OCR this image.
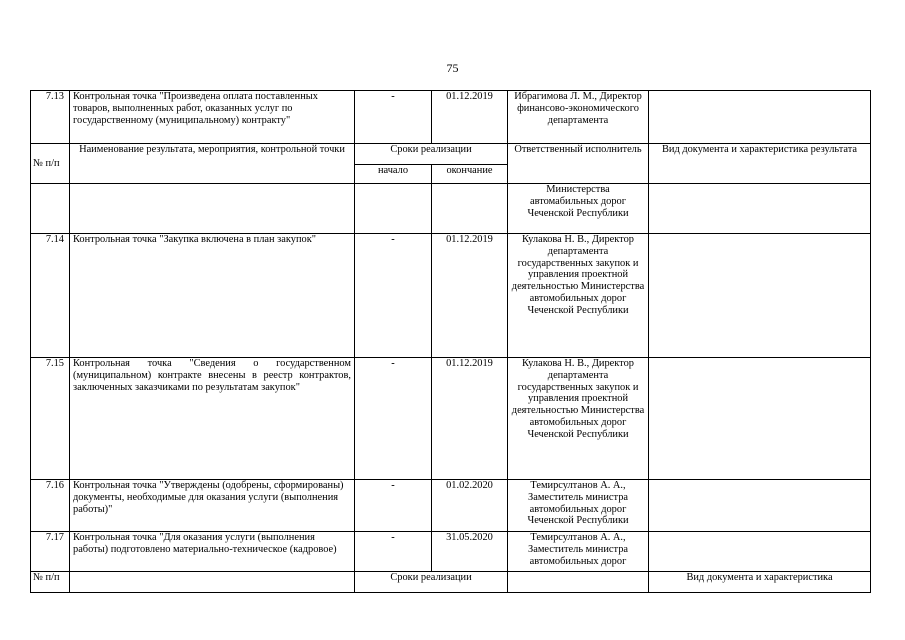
75
7.13	Контрольная точка "Произведена оплата поставленных товаров, выполненных работ, оказанных услуг по государственному (муниципальному) контракту"	-	01.12.2019	Ибрагимова Л. М., Директор финансово-экономического департамента	
№ п/п	Наименование результата, мероприятия, контрольной точки	Сроки реализации		Ответственный исполнитель	Вид документа и характеристика результата
		начало	окончание		
				Министерства автомабильных дорог Чеченской Республики	
7.14	Контрольная точка "Закупка включена в план закупок"	-	01.12.2019	Кулакова Н. В., Директор департамента государственных закупок и управления проектной деятельностью Министерства автомобильных дорог Чеченской Республики	
7.15	Контрольная точка "Сведения о государственном (муниципальном) контракте внесены в реестр контрактов, заключенных заказчиками по результатам закупок"	-	01.12.2019	Кулакова Н. В., Директор департамента государственных закупок и управления проектной деятельностью Министерства автомобильных дорог Чеченской Республики	
7.16	Контрольная точка "Утверждены (одобрены, сформированы) документы, необходимые для оказания услуги (выполнения работы)"	-	01.02.2020	Темирсултанов А. А., Заместитель министра автомобильных дорог Чеченской Республики	
7.17	Контрольная точка "Для оказания услуги (выполнения работы) подготовлено материально-техническое (кадровое)	-	31.05.2020	Темирсултанов А. А., Заместитель министра автомобильных дорог	
№ п/п		Сроки реализации			Вид документа и характеристика
